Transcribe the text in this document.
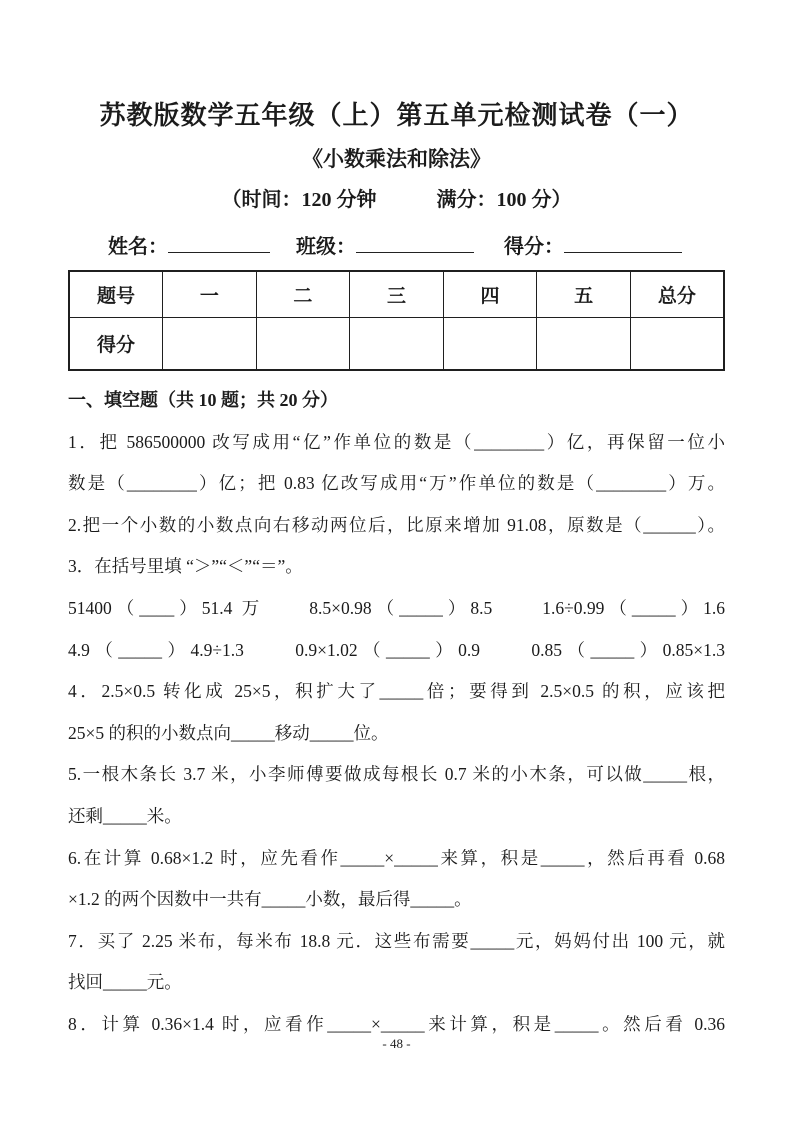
苏教版数学五年级（上）第五单元检测试卷（一）
《小数乘法和除法》
（时间：120 分钟　　　满分：100 分）
姓名：	班级：	得分：
题号	一	二	三	四	五	总分
得分						

一、填空题（共 10 题；共 20 分）

1．把 586500000 改写成用“亿”作单位的数是（________）亿，再保留一位小

数是（________）亿；把 0.83 亿改写成用“万”作单位的数是（________）万。

2.把一个小数的小数点向右移动两位后，比原来增加 91.08，原数是（______）。

3．在括号里填 “＞”“＜”“＝”。

51400（____）51.4 万　　8.5×0.98（_____）8.5　　1.6÷0.99（_____）1.6

4.9（_____）4.9÷1.3　　0.9×1.02（_____）0.9　　0.85（_____）0.85×1.3

4．2.5×0.5 转化成 25×5，积扩大了_____倍；要得到 2.5×0.5 的积，应该把

25×5 的积的小数点向_____移动_____位。

5.一根木条长 3.7 米，小李师傅要做成每根长 0.7 米的小木条，可以做_____根，

还剩_____米。

6.在计算 0.68×1.2 时，应先看作_____×_____来算，积是_____，然后再看 0.68

×1.2 的两个因数中一共有_____小数，最后得_____。

7．买了 2.25 米布，每米布 18.8 元．这些布需要_____元，妈妈付出 100 元，就

找回_____元。

8．计算 0.36×1.4 时，应看作_____×_____来计算，积是_____。然后看 0.36

- 48 -
